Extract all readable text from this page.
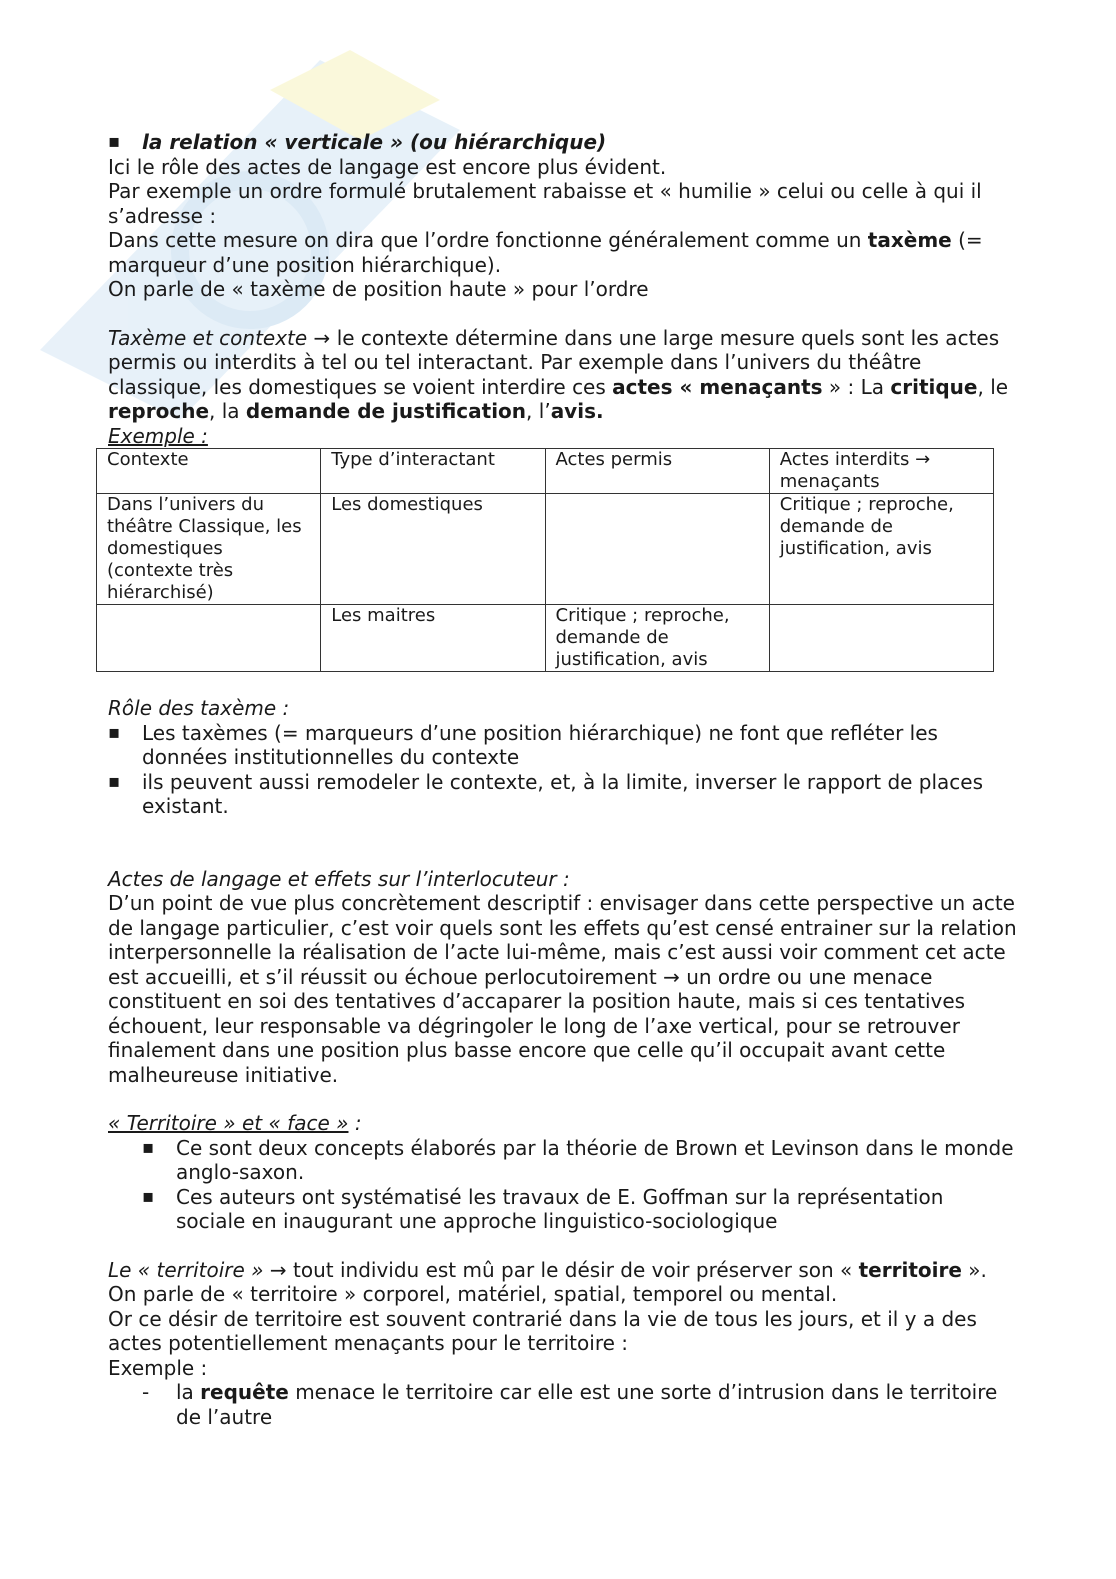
▪ la relation « verticale » (ou hiérarchique)

Ici le rôle des actes de langage est encore plus évident.

Par exemple un ordre formulé brutalement rabaisse et « humilie » celui ou celle à qui il s’adresse :

Dans cette mesure on dira que l’ordre fonctionne généralement comme un taxème (= marqueur d’une position hiérarchique).

On parle de « taxème de position haute » pour l’ordre

Taxème et contexte → le contexte détermine dans une large mesure quels sont les actes permis ou interdits à tel ou tel interactant. Par exemple dans l’univers du théâtre classique, les domestiques se voient interdire ces actes « menaçants » : La critique, le reproche, la demande de justification, l’avis.

Exemple :

Contexte	Type d’interactant	Actes permis	Actes interdits → menaçants
Dans l’univers du théâtre Classique, les domestiques (contexte très hiérarchisé)	Les domestiques		Critique ; reproche, demande de justification, avis
	Les maitres	Critique ; reproche, demande de justification, avis	

Rôle des taxème :

▪ Les taxèmes (= marqueurs d’une position hiérarchique) ne font que refléter les données institutionnelles du contexte
▪ ils peuvent aussi remodeler le contexte, et, à la limite, inverser le rapport de places existant.

Actes de langage et effets sur l’interlocuteur :

D’un point de vue plus concrètement descriptif : envisager dans cette perspective un acte de langage particulier, c’est voir quels sont les effets qu’est censé entrainer sur la relation interpersonnelle la réalisation de l’acte lui-même, mais c’est aussi voir comment cet acte est accueilli, et s’il réussit ou échoue perlocutoirement → un ordre ou une menace constituent en soi des tentatives d’accaparer la position haute, mais si ces tentatives échouent, leur responsable va dégringoler le long de l’axe vertical, pour se retrouver finalement dans une position plus basse encore que celle qu’il occupait avant cette malheureuse initiative.

« Territoire » et « face » :

▪ Ce sont deux concepts élaborés par la théorie de Brown et Levinson dans le monde anglo-saxon.
▪ Ces auteurs ont systématisé les travaux de E. Goffman sur la représentation sociale en inaugurant une approche linguistico-sociologique

Le « territoire » → tout individu est mû par le désir de voir préserver son « territoire ». On parle de « territoire » corporel, matériel, spatial, temporel ou mental.

Or ce désir de territoire est souvent contrarié dans la vie de tous les jours, et il y a des actes potentiellement menaçants pour le territoire :

Exemple :

- la requête menace le territoire car elle est une sorte d’intrusion dans le territoire de l’autre
